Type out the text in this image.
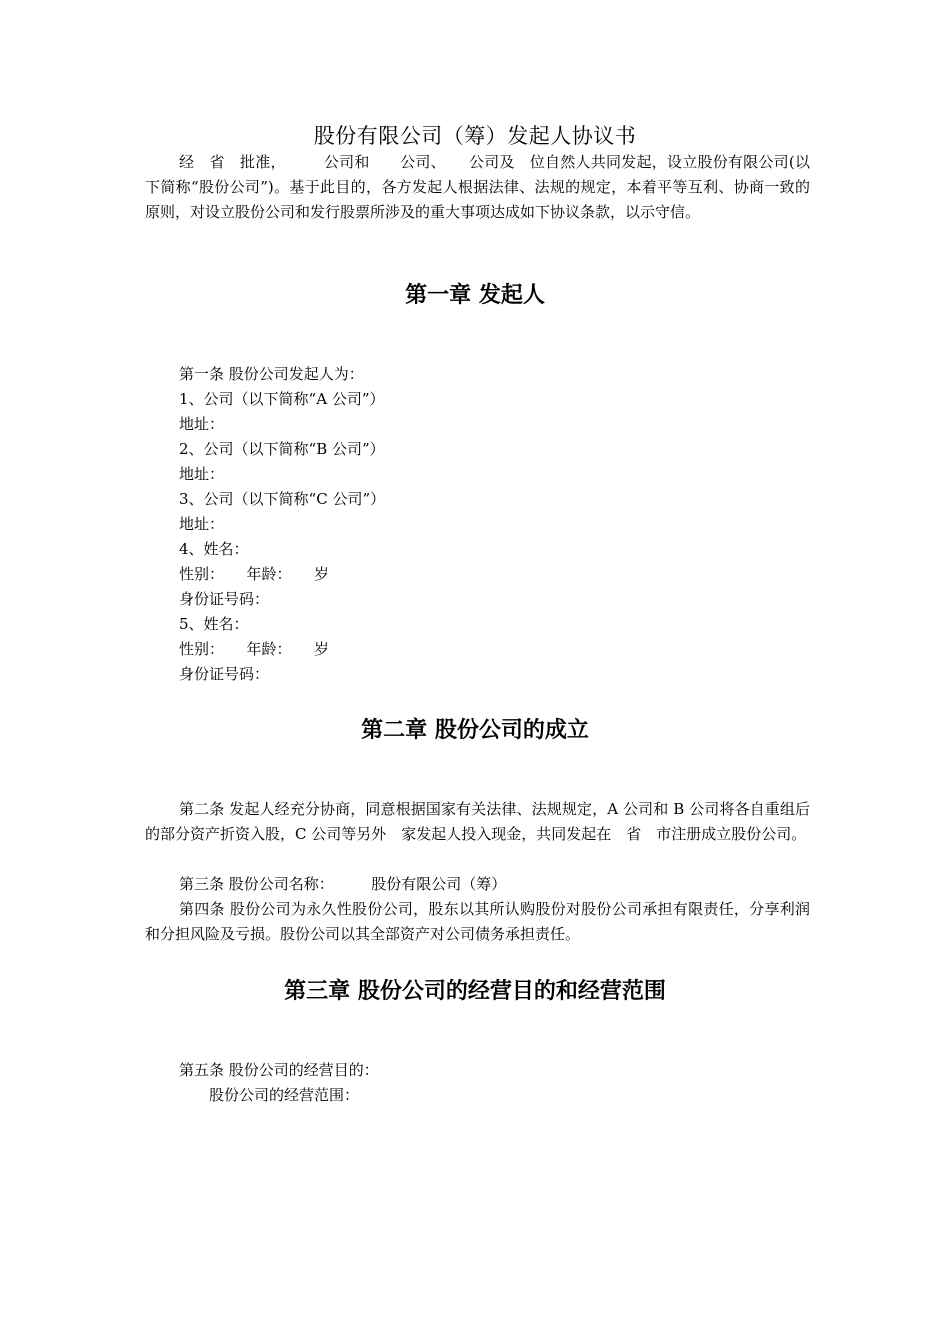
股份有限公司（筹）发起人协议书
经　省　批准，　　　公司和　　公司、　　公司及　位自然人共同发起，设立股份有限公司(以下简称“股份公司”)。基于此目的，各方发起人根据法律、法规的规定，本着平等互利、协商一致的原则，对设立股份公司和发行股票所涉及的重大事项达成如下协议条款，以示守信。
第一章 发起人
第一条 股份公司发起人为：
1、公司（以下简称“A 公司”）
地址：
2、公司（以下简称“B 公司”）
地址：
3、公司（以下简称“C 公司”）
地址：
4、姓名：
性别：　　年龄：　　岁
身份证号码：
5、姓名：
性别：　　年龄：　　岁
身份证号码：
第二章 股份公司的成立
第二条 发起人经充分协商，同意根据国家有关法律、法规规定，A 公司和 B 公司将各自重组后的部分资产折资入股，C 公司等另外　家发起人投入现金，共同发起在　省　市注册成立股份公司。
第三条 股份公司名称：　　　股份有限公司（筹）
第四条 股份公司为永久性股份公司，股东以其所认购股份对股份公司承担有限责任，分享利润和分担风险及亏损。股份公司以其全部资产对公司债务承担责任。
第三章 股份公司的经营目的和经营范围
第五条 股份公司的经营目的：
股份公司的经营范围：
